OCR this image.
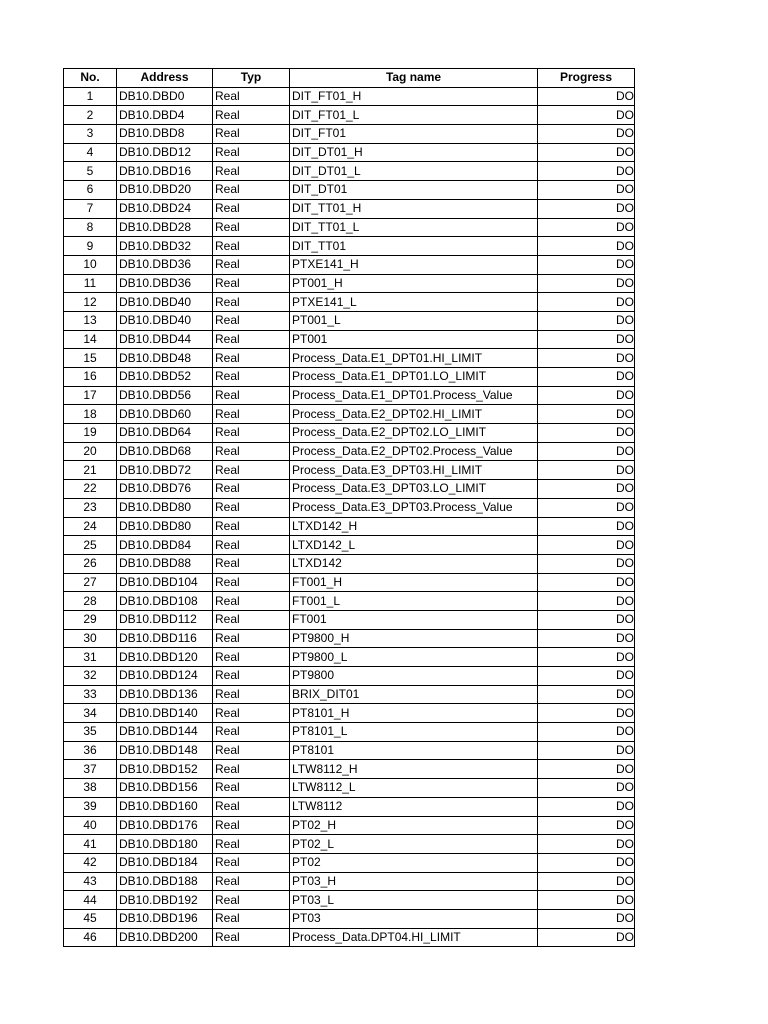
No.	Address	Typ	Tag name	Progress
1	DB10.DBD0	Real	DIT_FT01_H	DO
2	DB10.DBD4	Real	DIT_FT01_L	DO
3	DB10.DBD8	Real	DIT_FT01	DO
4	DB10.DBD12	Real	DIT_DT01_H	DO
5	DB10.DBD16	Real	DIT_DT01_L	DO
6	DB10.DBD20	Real	DIT_DT01	DO
7	DB10.DBD24	Real	DIT_TT01_H	DO
8	DB10.DBD28	Real	DIT_TT01_L	DO
9	DB10.DBD32	Real	DIT_TT01	DO
10	DB10.DBD36	Real	PTXE141_H	DO
11	DB10.DBD36	Real	PT001_H	DO
12	DB10.DBD40	Real	PTXE141_L	DO
13	DB10.DBD40	Real	PT001_L	DO
14	DB10.DBD44	Real	PT001	DO
15	DB10.DBD48	Real	Process_Data.E1_DPT01.HI_LIMIT	DO
16	DB10.DBD52	Real	Process_Data.E1_DPT01.LO_LIMIT	DO
17	DB10.DBD56	Real	Process_Data.E1_DPT01.Process_Value	DO
18	DB10.DBD60	Real	Process_Data.E2_DPT02.HI_LIMIT	DO
19	DB10.DBD64	Real	Process_Data.E2_DPT02.LO_LIMIT	DO
20	DB10.DBD68	Real	Process_Data.E2_DPT02.Process_Value	DO
21	DB10.DBD72	Real	Process_Data.E3_DPT03.HI_LIMIT	DO
22	DB10.DBD76	Real	Process_Data.E3_DPT03.LO_LIMIT	DO
23	DB10.DBD80	Real	Process_Data.E3_DPT03.Process_Value	DO
24	DB10.DBD80	Real	LTXD142_H	DO
25	DB10.DBD84	Real	LTXD142_L	DO
26	DB10.DBD88	Real	LTXD142	DO
27	DB10.DBD104	Real	FT001_H	DO
28	DB10.DBD108	Real	FT001_L	DO
29	DB10.DBD112	Real	FT001	DO
30	DB10.DBD116	Real	PT9800_H	DO
31	DB10.DBD120	Real	PT9800_L	DO
32	DB10.DBD124	Real	PT9800	DO
33	DB10.DBD136	Real	BRIX_DIT01	DO
34	DB10.DBD140	Real	PT8101_H	DO
35	DB10.DBD144	Real	PT8101_L	DO
36	DB10.DBD148	Real	PT8101	DO
37	DB10.DBD152	Real	LTW8112_H	DO
38	DB10.DBD156	Real	LTW8112_L	DO
39	DB10.DBD160	Real	LTW8112	DO
40	DB10.DBD176	Real	PT02_H	DO
41	DB10.DBD180	Real	PT02_L	DO
42	DB10.DBD184	Real	PT02	DO
43	DB10.DBD188	Real	PT03_H	DO
44	DB10.DBD192	Real	PT03_L	DO
45	DB10.DBD196	Real	PT03	DO
46	DB10.DBD200	Real	Process_Data.DPT04.HI_LIMIT	DO
